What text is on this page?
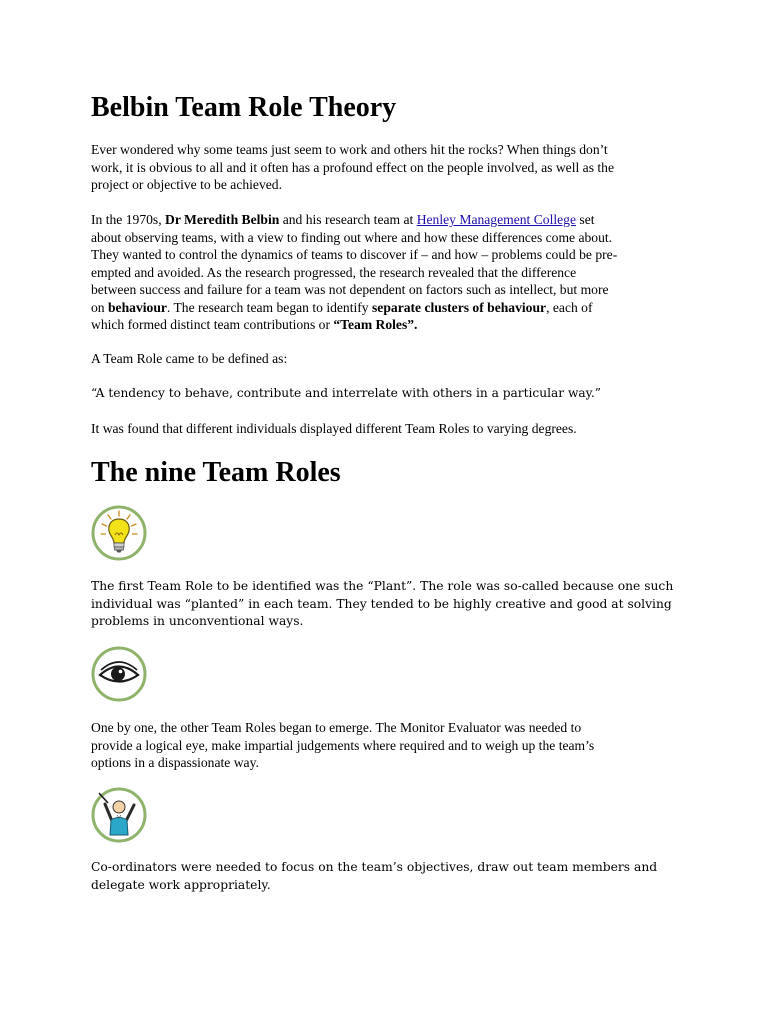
Belbin Team Role Theory

Ever wondered why some teams just seem to work and others hit the rocks? When things don’t
work, it is obvious to all and it often has a profound effect on the people involved, as well as the
project or objective to be achieved.

In the 1970s, Dr Meredith Belbin and his research team at Henley Management College set
about observing teams, with a view to finding out where and how these differences come about.
They wanted to control the dynamics of teams to discover if – and how – problems could be pre-
empted and avoided. As the research progressed, the research revealed that the difference
between success and failure for a team was not dependent on factors such as intellect, but more
on behaviour. The research team began to identify separate clusters of behaviour, each of
which formed distinct team contributions or “Team Roles”.

A Team Role came to be defined as:

“A tendency to behave, contribute and interrelate with others in a particular way.”

It was found that different individuals displayed different Team Roles to varying degrees.

The nine Team Roles

The first Team Role to be identified was the “Plant”. The role was so-called because one such
individual was “planted” in each team. They tended to be highly creative and good at solving
problems in unconventional ways.

One by one, the other Team Roles began to emerge. The Monitor Evaluator was needed to
provide a logical eye, make impartial judgements where required and to weigh up the team’s
options in a dispassionate way.

Co-ordinators were needed to focus on the team’s objectives, draw out team members and
delegate work appropriately.
